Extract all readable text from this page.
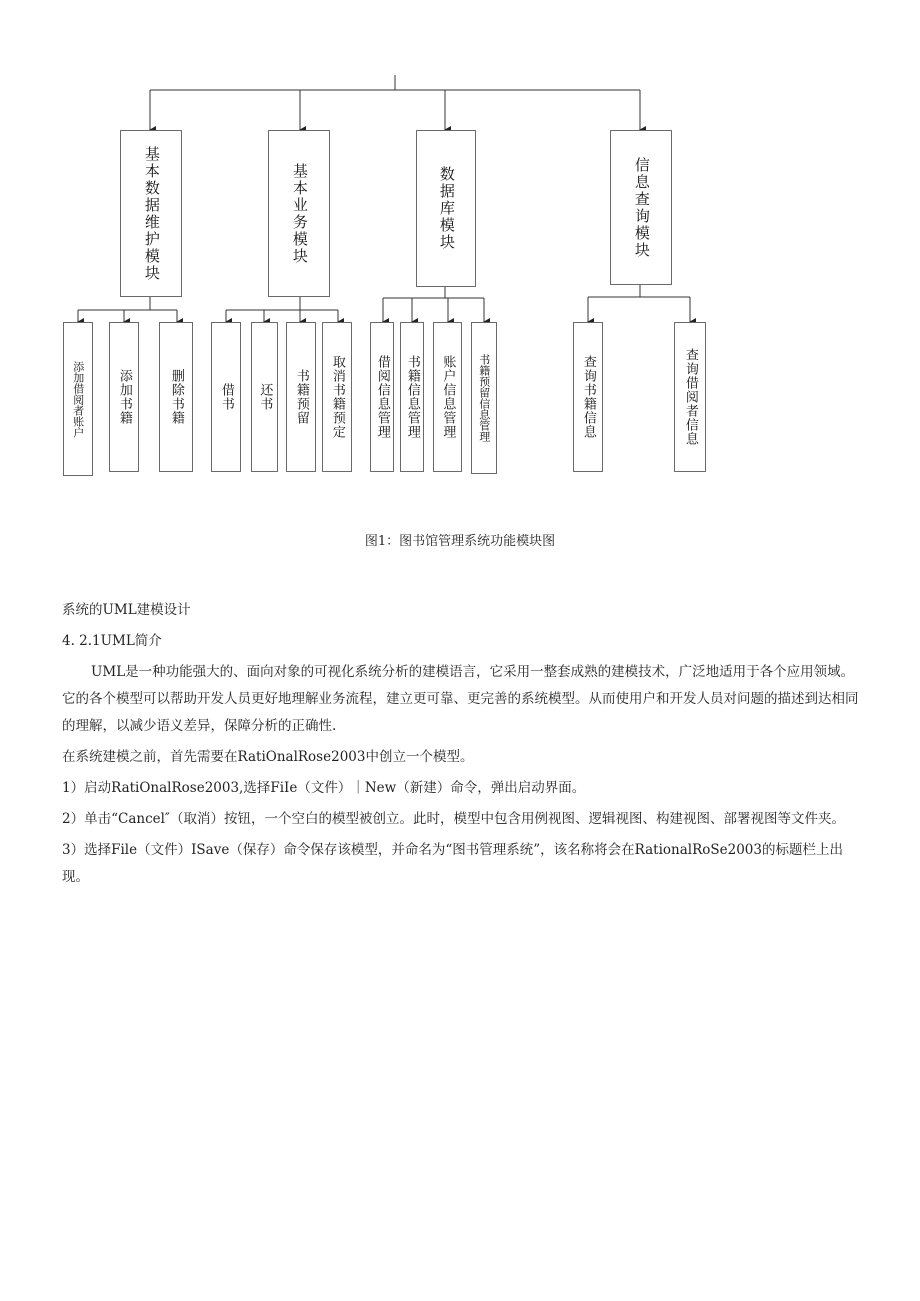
基本数据维护模块	基本业务模块	数据库模块	信息查询模块
添加借阅者账户 添加书籍	删除书籍	借书 还书 书籍预留 取消书籍预定 借阅信息管理 书籍信息管理 账户信息管理 书籍预留信息管理	查询书籍信息	查询借阅者信息
图1：图书馆管理系统功能模块图

系统的UML建模设计

4. 2.1UML简介

UML是一种功能强大的、面向对象的可视化系统分析的建模语言，它采用一整套成熟的建模技术，广泛地适用于各个应用领域。它的各个模型可以帮助开发人员更好地理解业务流程，建立更可靠、更完善的系统模型。从而使用户和开发人员对问题的描述到达相同的理解，以减少语义差异，保障分析的正确性.

在系统建模之前，首先需要在RatiOnalRose2003中创立一个模型。

1）启动RatiOnalRose2003,选择FiIe（文件）｜New（新建）命令，弹出启动界面。

2）单击“Cancel″（取消）按钮，一个空白的模型被创立。此时，模型中包含用例视图、逻辑视图、构建视图、部署视图等文件夹。

3）选择File（文件）ISave（保存）命令保存该模型，并命名为“图书管理系统”，该名称将会在RationalRoSe2003的标题栏上出现。
